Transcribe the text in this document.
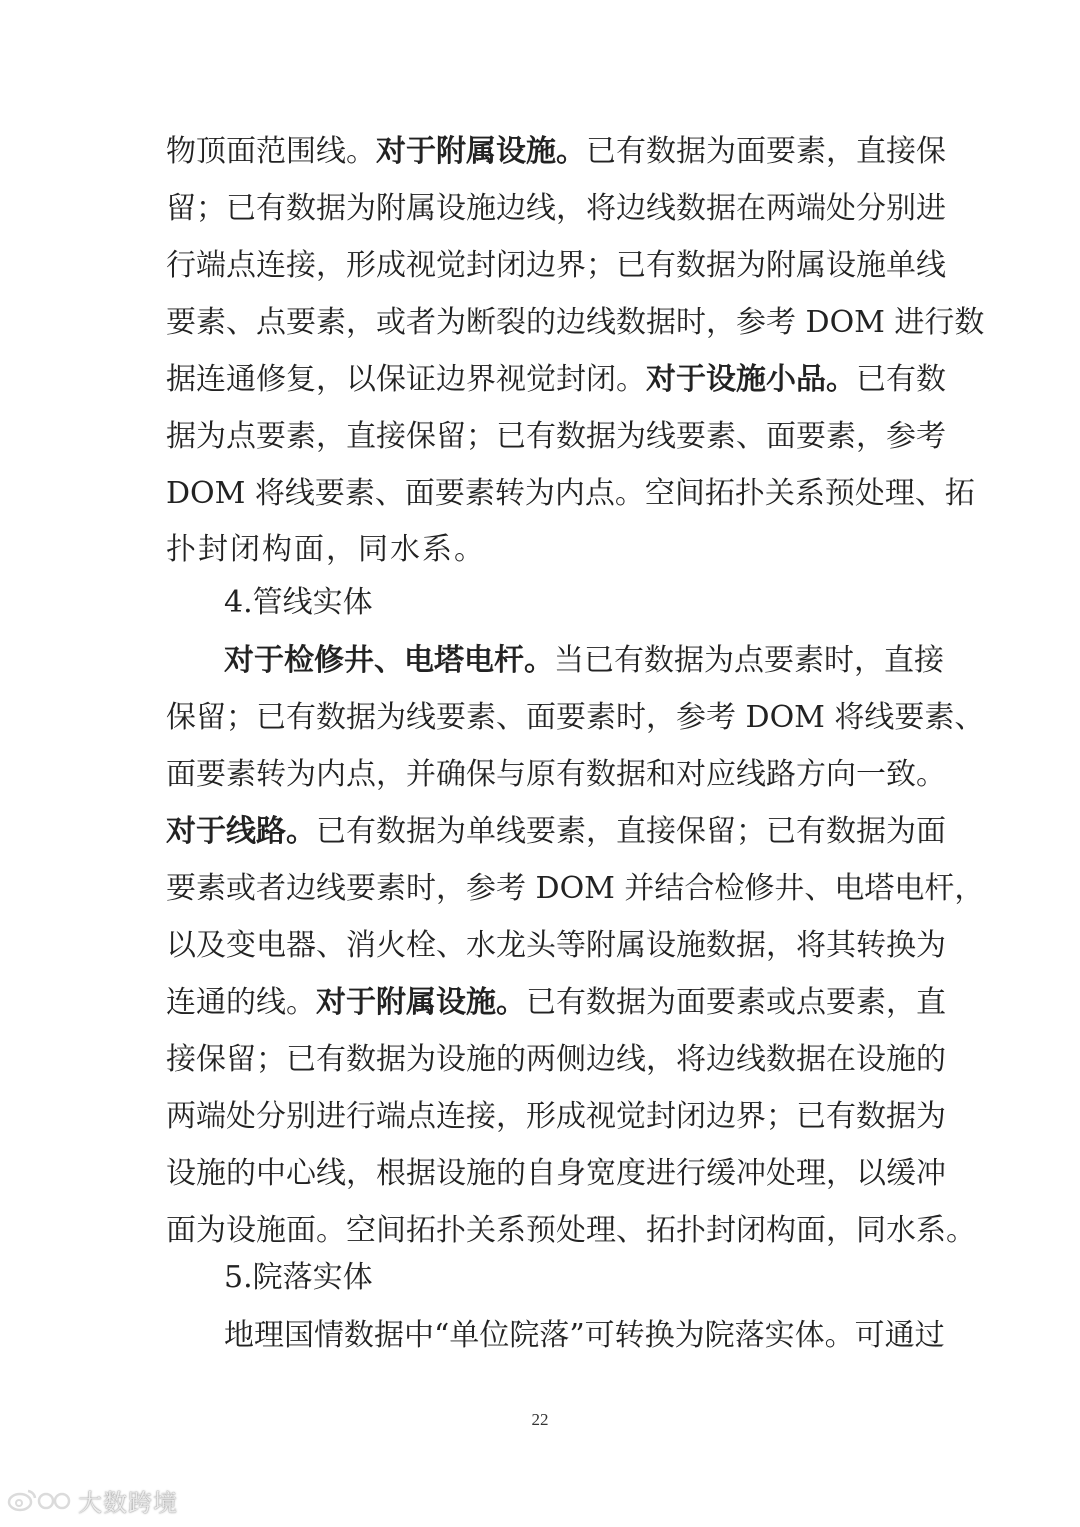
物顶面范围线。对于附属设施。已有数据为面要素，直接保

留；已有数据为附属设施边线，将边线数据在两端处分别进

行端点连接，形成视觉封闭边界；已有数据为附属设施单线

要素、点要素，或者为断裂的边线数据时，参考 DOM 进行数

据连通修复，以保证边界视觉封闭。对于设施小品。已有数

据为点要素，直接保留；已有数据为线要素、面要素，参考

DOM 将线要素、面要素转为内点。空间拓扑关系预处理、拓

扑封闭构面，同水系。

4.管线实体

对于检修井、电塔电杆。当已有数据为点要素时，直接

保留；已有数据为线要素、面要素时，参考 DOM 将线要素、

面要素转为内点，并确保与原有数据和对应线路方向一致。

对于线路。已有数据为单线要素，直接保留；已有数据为面

要素或者边线要素时，参考 DOM 并结合检修井、电塔电杆，

以及变电器、消火栓、水龙头等附属设施数据，将其转换为

连通的线。对于附属设施。已有数据为面要素或点要素，直

接保留；已有数据为设施的两侧边线，将边线数据在设施的

两端处分别进行端点连接，形成视觉封闭边界；已有数据为

设施的中心线，根据设施的自身宽度进行缓冲处理，以缓冲

面为设施面。空间拓扑关系预处理、拓扑封闭构面，同水系。

5.院落实体

地理国情数据中“单位院落”可转换为院落实体。可通过

22
大数跨境
